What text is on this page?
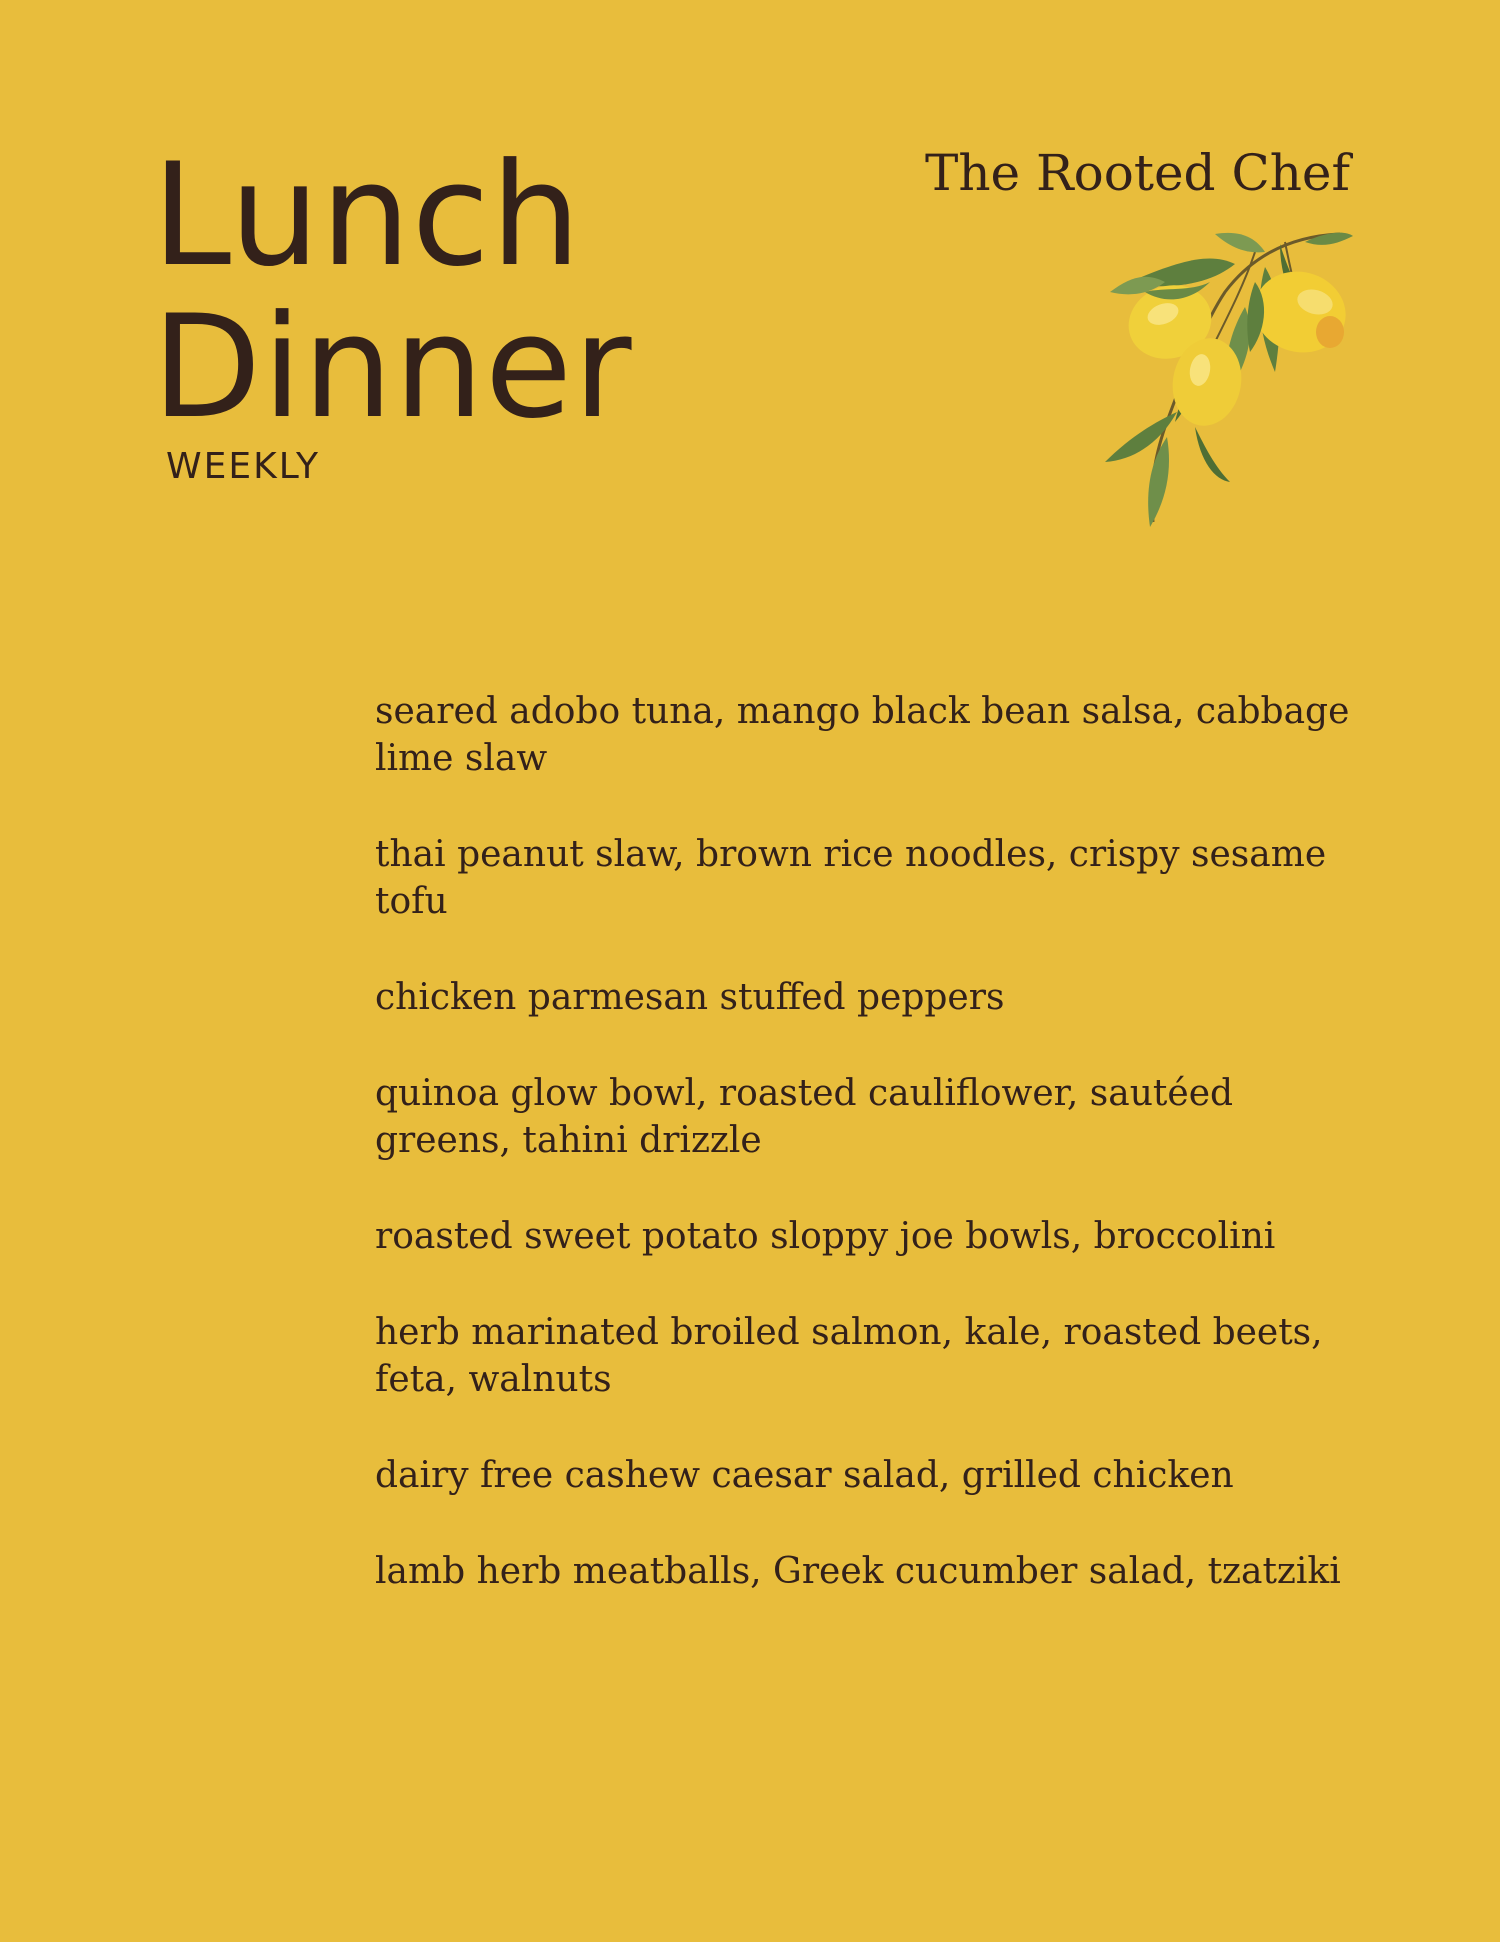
Lunch
Dinner
WEEKLY
The Rooted Chef
seared adobo tuna, mango black bean salsa, cabbage lime slaw
thai peanut slaw, brown rice noodles, crispy sesame tofu
chicken parmesan stuffed peppers
quinoa glow bowl, roasted cauliflower, sautéed greens, tahini drizzle
roasted sweet potato sloppy joe bowls, broccolini
herb marinated broiled salmon, kale, roasted beets, feta, walnuts
dairy free cashew caesar salad, grilled chicken
lamb herb meatballs, Greek cucumber salad, tzatziki
